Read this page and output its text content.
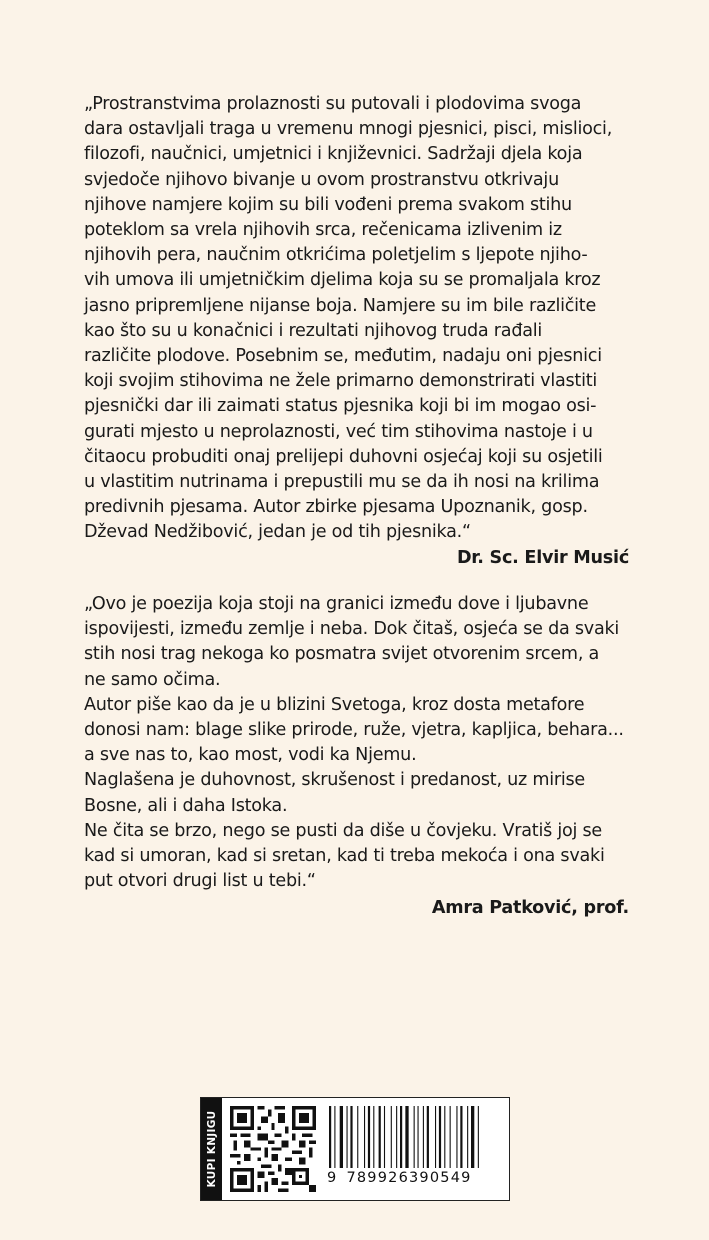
„Prostranstvima prolaznosti su putovali i plodovima svoga
dara ostavljali traga u vremenu mnogi pjesnici, pisci, mislioci,
filozofi, naučnici, umjetnici i književnici. Sadržaji djela koja
svjedoče njihovo bivanje u ovom prostranstvu otkrivaju
njihove namjere kojim su bili vođeni prema svakom stihu
poteklom sa vrela njihovih srca, rečenicama izlivenim iz
njihovih pera, naučnim otkrićima poletjelim s ljepote njiho-
vih umova ili umjetničkim djelima koja su se promaljala kroz
jasno pripremljene nijanse boja. Namjere su im bile različite
kao što su u konačnici i rezultati njihovog truda rađali
različite plodove. Posebnim se, međutim, nadaju oni pjesnici
koji svojim stihovima ne žele primarno demonstrirati vlastiti
pjesnički dar ili zaimati status pjesnika koji bi im mogao osi-
gurati mjesto u neprolaznosti, već tim stihovima nastoje i u
čitaocu probuditi onaj prelijepi duhovni osjećaj koji su osjetili
u vlastitim nutrinama i prepustili mu se da ih nosi na krilima
predivnih pjesama. Autor zbirke pjesama Upoznanik, gosp.
Dževad Nedžibović, jedan je od tih pjesnika.“

Dr. Sc. Elvir Musić

„Ovo je poezija koja stoji na granici između dove i ljubavne
ispovijesti, između zemlje i neba. Dok čitaš, osjeća se da svaki
stih nosi trag nekoga ko posmatra svijet otvorenim srcem, a
ne samo očima.
Autor piše kao da je u blizini Svetoga, kroz dosta metafore
donosi nam: blage slike prirode, ruže, vjetra, kapljica, behara...
a sve nas to, kao most, vodi ka Njemu.
Naglašena je duhovnost, skrušenost i predanost, uz mirise
Bosne, ali i daha Istoka.
Ne čita se brzo, nego se pusti da diše u čovjeku. Vratiš joj se
kad si umoran, kad si sretan, kad ti treba mekoća i ona svaki
put otvori drugi list u tebi.“

Amra Patković, prof.
KUPI KNJIGU	9 789926390549
